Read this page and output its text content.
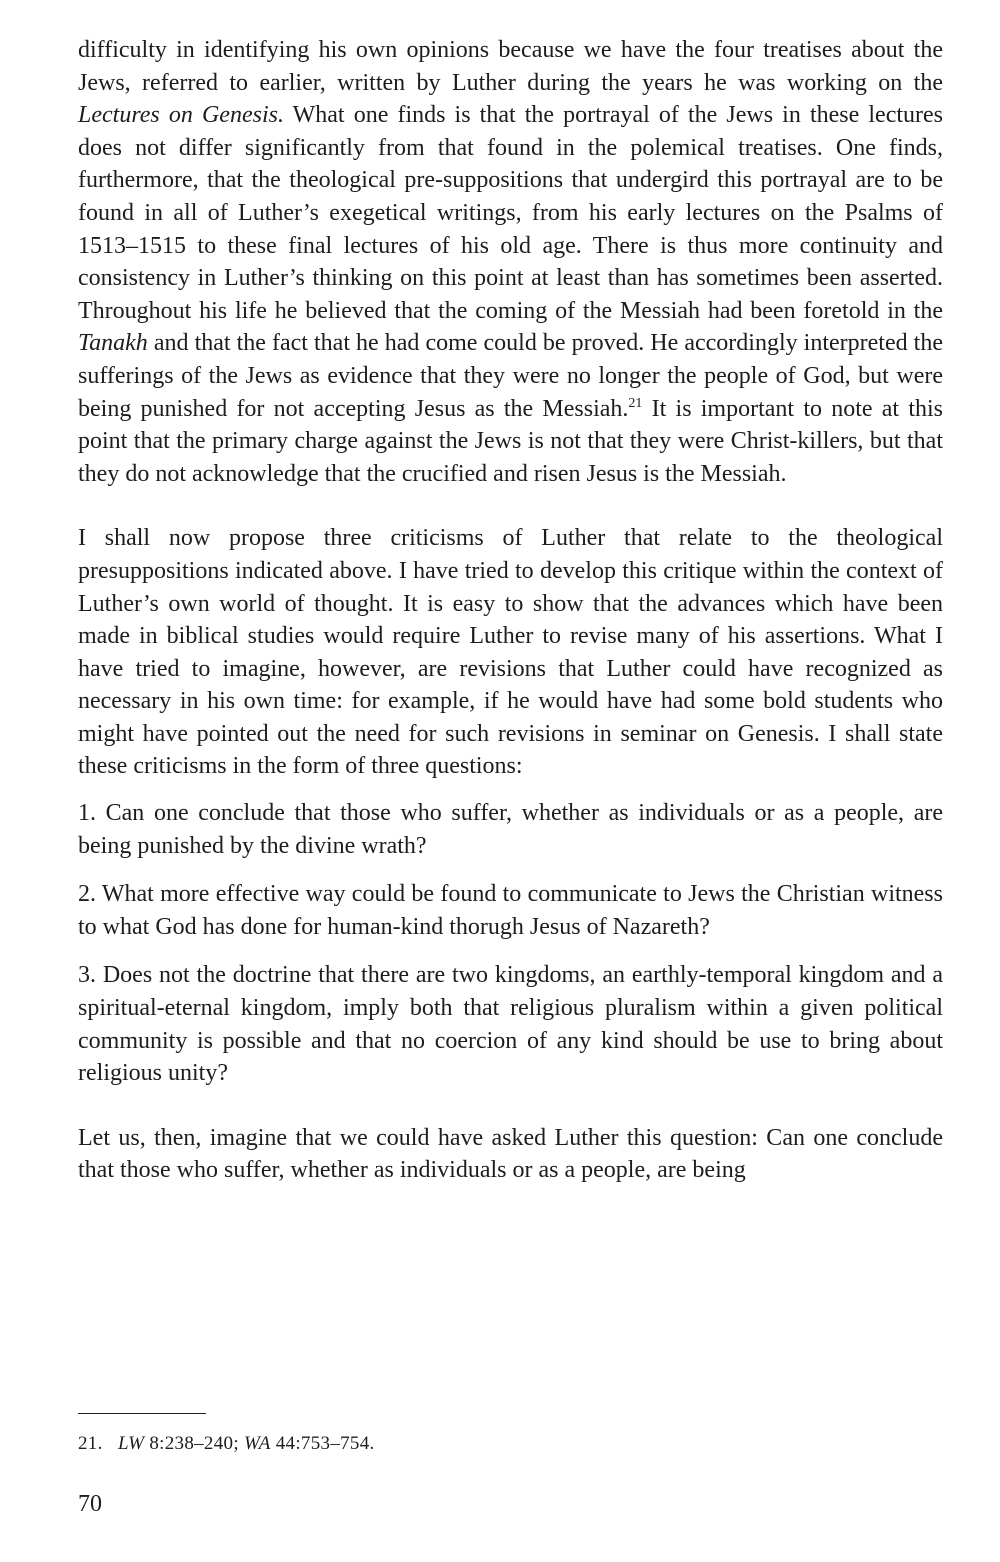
difficulty in identifying his own opinions because we have the four treatises about the Jews, referred to earlier, written by Luther during the years he was working on the Lectures on Genesis. What one finds is that the portrayal of the Jews in these lectures does not differ significantly from that found in the polemical treatises. One finds, furthermore, that the theological pre-suppositions that undergird this portrayal are to be found in all of Luther’s exegetical writings, from his early lectures on the Psalms of 1513–1515 to these final lectures of his old age. There is thus more continuity and consistency in Luther’s thinking on this point at least than has sometimes been asserted. Throughout his life he believed that the coming of the Messiah had been foretold in the Tanakh and that the fact that he had come could be proved. He accordingly interpreted the sufferings of the Jews as evidence that they were no longer the people of God, but were being punished for not accepting Jesus as the Messiah.$^{21}$ It is important to note at this point that the primary charge against the Jews is not that they were Christ-killers, but that they do not acknowledge that the crucified and risen Jesus is the Messiah.

I shall now propose three criticisms of Luther that relate to the theological presuppositions indicated above. I have tried to develop this critique within the context of Luther’s own world of thought. It is easy to show that the advances which have been made in biblical studies would require Luther to revise many of his assertions. What I have tried to imagine, however, are revisions that Luther could have recognized as necessary in his own time: for example, if he would have had some bold students who might have pointed out the need for such revisions in seminar on Genesis. I shall state these criticisms in the form of three questions:

1. Can one conclude that those who suffer, whether as individuals or as a people, are being punished by the divine wrath?

2. What more effective way could be found to communicate to Jews the Christian witness to what God has done for human-kind thorugh Jesus of Nazareth?

3. Does not the doctrine that there are two kingdoms, an earthly-temporal kingdom and a spiritual-eternal kingdom, imply both that religious pluralism within a given political community is possible and that no coercion of any kind should be use to bring about religious unity?

Let us, then, imagine that we could have asked Luther this question: Can one conclude that those who suffer, whether as individuals or as a people, are being

21. LW 8:238–240; WA 44:753–754.
70
